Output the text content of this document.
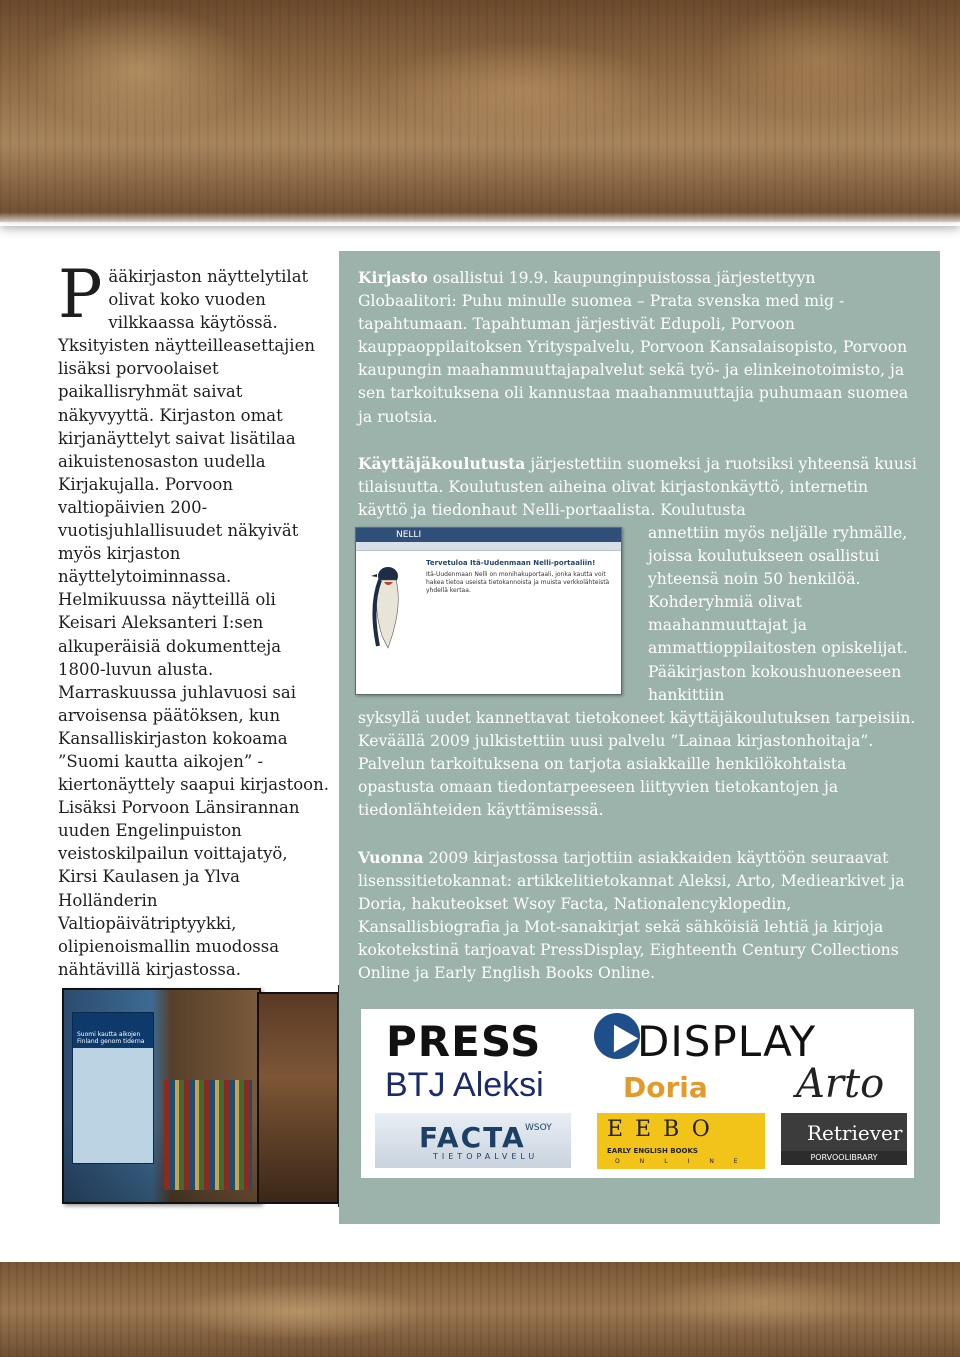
P ääkirjaston näyttelytilat olivat koko vuoden vilkkaassa käytössä. Yksityisten näytteilleasettajien lisäksi porvoolaiset paikallisryhmät saivat näkyvyyttä. Kirjaston omat kirjanäyttelyt saivat lisätilaa aikuistenosaston uudella Kirjakujalla. Porvoon valtiopäivien 200-vuotisjuhlallisuudet näkyivät myös kirjaston näyttelytoiminnassa. Helmikuussa näytteillä oli Keisari Aleksanteri I:sen alkuperäisiä dokumentteja 1800-luvun alusta. Marraskuussa juhlavuosi sai arvoisensa päätöksen, kun Kansalliskirjaston kokoama ”Suomi kautta aikojen” -kiertonäyttely saapui kirjastoon. Lisäksi Porvoon Länsirannan uuden Engelinpuiston veistoskilpailun voittajatyö, Kirsi Kaulasen ja Ylva Holländerin Valtiopäivätriptyykki, olipienoismallin muodossa nähtävillä kirjastossa.
Suomi kautta aikojen
Finland genom tiderna
Kirjasto osallistui 19.9. kaupunginpuistossa järjestettyyn Globaalitori: Puhu minulle suomea – Prata svenska med mig -tapahtumaan. Tapahtuman järjestivät Edupoli, Porvoon kauppaoppilaitoksen Yrityspalvelu, Porvoon Kansalaisopisto, Porvoon kaupungin maahanmuuttajapalvelut sekä työ- ja elinkeinotoimisto, ja sen tarkoituksena oli kannustaa maahanmuuttajia puhumaan suomea ja ruotsia.
Käyttäjäkoulutusta järjestettiin suomeksi ja ruotsiksi yhteensä kuusi tilaisuutta. Koulutusten aiheina olivat kirjastonkäyttö, internetin käyttö ja tiedonhaut Nelli-portaalista. Koulutusta
NELLI
Tervetuloa Itä-Uudenmaan Nelli-portaaliin!
Itä-Uudenmaan Nelli on monihakuportaali, jonka kautta voit hakea tietoa useista tietokannoista ja muista verkkolähteistä yhdellä kertaa.
annettiin myös neljälle ryhmälle, joissa koulutukseen osallistui yhteensä noin 50 henkilöä. Kohderyhmiä olivat maahanmuuttajat ja ammattioppilaitosten opiskelijat. Pääkirjaston kokoushuoneeseen hankittiin
syksyllä uudet kannettavat tietokoneet käyttäjäkoulutuksen tarpeisiin. Keväällä 2009 julkistettiin uusi palvelu ”Lainaa kirjastonhoitaja”. Palvelun tarkoituksena on tarjota asiakkaille henkilökohtaista opastusta omaan tiedontarpeeseen liittyvien tietokantojen ja tiedonlähteiden käyttämisessä.
Vuonna 2009 kirjastossa tarjottiin asiakkaiden käyttöön seuraavat lisenssitietokannat: artikkelitietokannat Aleksi, Arto, Mediearkivet ja Doria, hakuteokset Wsoy Facta, Nationalencyklopedin, Kansallisbiografia ja Mot-sanakirjat sekä sähköisiä lehtiä ja kirjoja kokotekstinä tarjoavat PressDisplay, Eighteenth Century Collections Online ja Early English Books Online.
PRESS DISPLAY
BTJ Aleksi	Doria Arto
FACTA WSOY
TIETOPALVELU
EEBO
EARLY ENGLISH BOOKS
ONLINE
Retriever
PORVOOLIBRARY
